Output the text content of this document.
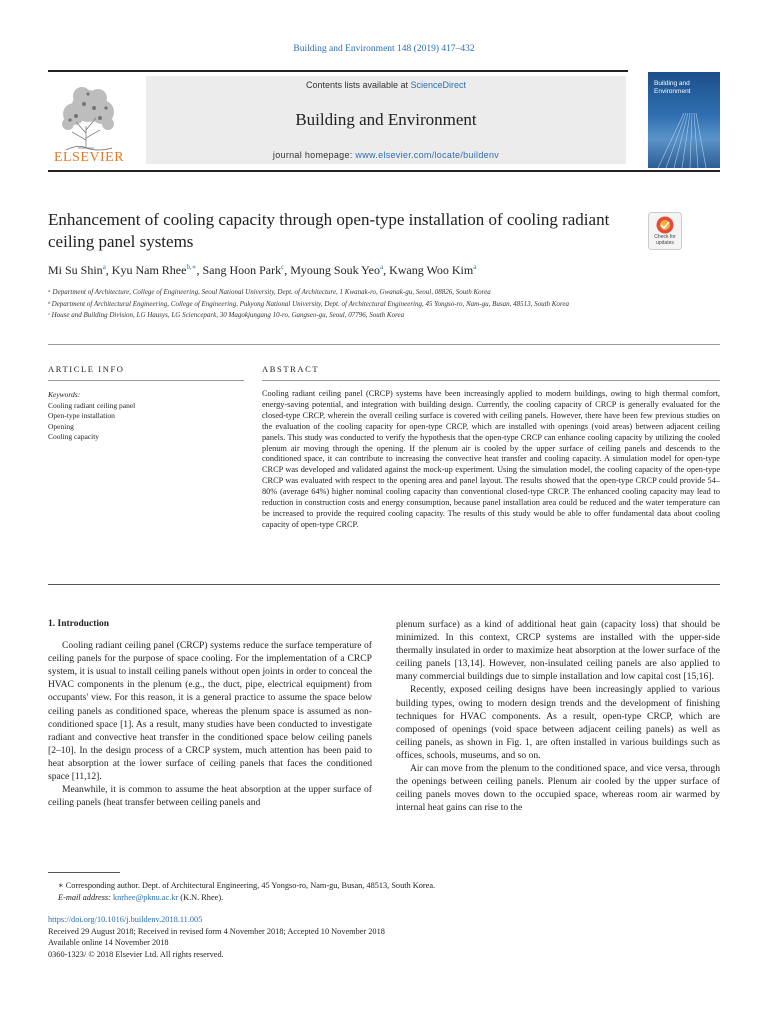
Building and Environment 148 (2019) 417–432
ELSEVIER
Contents lists available at ScienceDirect
Building and Environment
journal homepage: www.elsevier.com/locate/buildenv
Building and Environment
Enhancement of cooling capacity through open-type installation of cooling radiant ceiling panel systems	Check for updates
Mi Su Shin$^a$, Kyu Nam Rhee$^{b,∗}$, Sang Hoon Park$^c$, Myoung Souk Yeo$^a$, Kwang Woo Kim$^a$
ᵃ Department of Architecture, College of Engineering, Seoul National University, Dept. of Architecture, 1 Kwanak-ro, Gwanak-gu, Seoul, 08826, South Korea
ᵇ Department of Architectural Engineering, College of Engineering, Pukyong National University, Dept. of Architectural Engineering, 45 Yongso-ro, Nam-gu, Busan, 48513, South Korea
ᶜ House and Building Division, LG Hausys, LG Sciencepark, 30 Magokjungang 10-ro, Gangseo-gu, Seoul, 07796, South Korea
ARTICLE INFO	ABSTRACT
Keywords:
Cooling radiant ceiling panel
Open-type installation
Opening
Cooling capacity
Cooling radiant ceiling panel (CRCP) systems have been increasingly applied to modern buildings, owing to high thermal comfort, energy-saving potential, and integration with building design. Currently, the cooling capacity of CRCP is generally evaluated for the closed-type CRCP, wherein the overall ceiling surface is covered with ceiling panels. However, there have been few previous studies on the evaluation of the cooling capacity for open-type CRCP, which are installed with openings (void areas) between adjacent ceiling panels. This study was conducted to verify the hypothesis that the open-type CRCP can enhance cooling capacity by utilizing the cooled plenum air moving through the opening. If the plenum air is cooled by the upper surface of ceiling panels and descends to the conditioned space, it can contribute to increasing the convective heat transfer and cooling capacity. A simulation model for open-type CRCP was developed and validated against the mock-up experiment. Using the simulation model, the cooling capacity of the open-type CRCP was evaluated with respect to the opening area and panel layout. The results showed that the open-type CRCP could provide 54–80% (average 64%) higher nominal cooling capacity than conventional closed-type CRCP. The enhanced cooling capacity may lead to reduction in construction costs and energy consumption, because panel installation area could be reduced and the water temperature can be increased to provide the required cooling capacity. The results of this study would be able to offer fundamental data about cooling capacity of open-type CRCP.
1. Introduction

Cooling radiant ceiling panel (CRCP) systems reduce the surface temperature of ceiling panels for the purpose of space cooling. For the implementation of a CRCP system, it is usual to install ceiling panels without open joints in order to conceal the HVAC components in the plenum (e.g., the duct, pipe, electrical equipment) from occupants' view. For this reason, it is a general practice to assume the space below ceiling panels as conditioned space, whereas the plenum space is assumed as non-conditioned space [1]. As a result, many studies have been conducted to investigate radiant and convective heat transfer in the conditioned space below ceiling panels [2–10]. In the design process of a CRCP system, much attention has been paid to heat absorption at the lower surface of ceiling panels that faces the conditioned space [11,12].

Meanwhile, it is common to assume the heat absorption at the upper surface of ceiling panels (heat transfer between ceiling panels and

plenum surface) as a kind of additional heat gain (capacity loss) that should be minimized. In this context, CRCP systems are installed with the upper-side thermally insulated in order to maximize heat absorption at the lower surface of the ceiling panels [13,14]. However, non-insulated ceiling panels are also applied to many commercial buildings due to simple installation and low capital cost [15,16].

Recently, exposed ceiling designs have been increasingly applied to various building types, owing to modern design trends and the development of finishing techniques for HVAC components. As a result, open-type CRCP, which are composed of openings (void space between adjacent ceiling panels) as well as ceiling panels, as shown in Fig. 1, are often installed in various buildings such as offices, schools, museums, and so on.

Air can move from the plenum to the conditioned space, and vice versa, through the openings between ceiling panels. Plenum air cooled by the upper surface of ceiling panels moves down to the occupied space, whereas room air warmed by internal heat gains can rise to the

∗ Corresponding author. Dept. of Architectural Engineering, 45 Yongso-ro, Nam-gu, Busan, 48513, South Korea.
E-mail address: knrhee@pknu.ac.kr (K.N. Rhee).
https://doi.org/10.1016/j.buildenv.2018.11.005
Received 29 August 2018; Received in revised form 4 November 2018; Accepted 10 November 2018
Available online 14 November 2018
0360-1323/ © 2018 Elsevier Ltd. All rights reserved.
